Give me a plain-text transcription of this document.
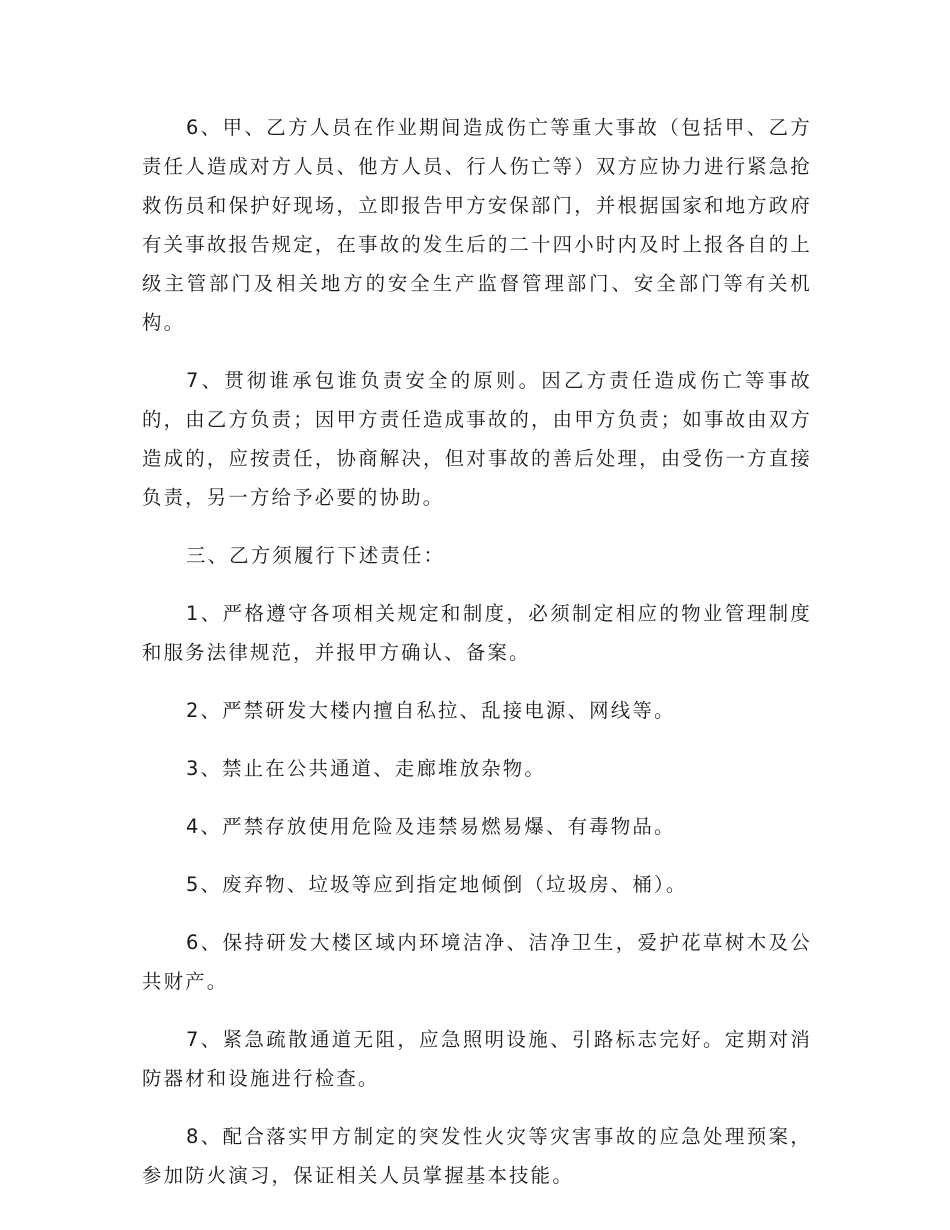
6、甲、乙方人员在作业期间造成伤亡等重大事故（包括甲、乙方责任人造成对方人员、他方人员、行人伤亡等）双方应协力进行紧急抢救伤员和保护好现场，立即报告甲方安保部门，并根据国家和地方政府有关事故报告规定，在事故的发生后的二十四小时内及时上报各自的上级主管部门及相关地方的安全生产监督管理部门、安全部门等有关机构。

7、贯彻谁承包谁负责安全的原则。因乙方责任造成伤亡等事故的，由乙方负责；因甲方责任造成事故的，由甲方负责；如事故由双方造成的，应按责任，协商解决，但对事故的善后处理，由受伤一方直接负责，另一方给予必要的协助。

三、乙方须履行下述责任：

1、严格遵守各项相关规定和制度，必须制定相应的物业管理制度和服务法律规范，并报甲方确认、备案。

2、严禁研发大楼内擅自私拉、乱接电源、网线等。

3、禁止在公共通道、走廊堆放杂物。

4、严禁存放使用危险及违禁易燃易爆、有毒物品。

5、废弃物、垃圾等应到指定地倾倒（垃圾房、桶）。

6、保持研发大楼区域内环境洁净、洁净卫生，爱护花草树木及公共财产。

7、紧急疏散通道无阻，应急照明设施、引路标志完好。定期对消防器材和设施进行检查。

8、配合落实甲方制定的突发性火灾等灾害事故的应急处理预案，参加防火演习，保证相关人员掌握基本技能。
